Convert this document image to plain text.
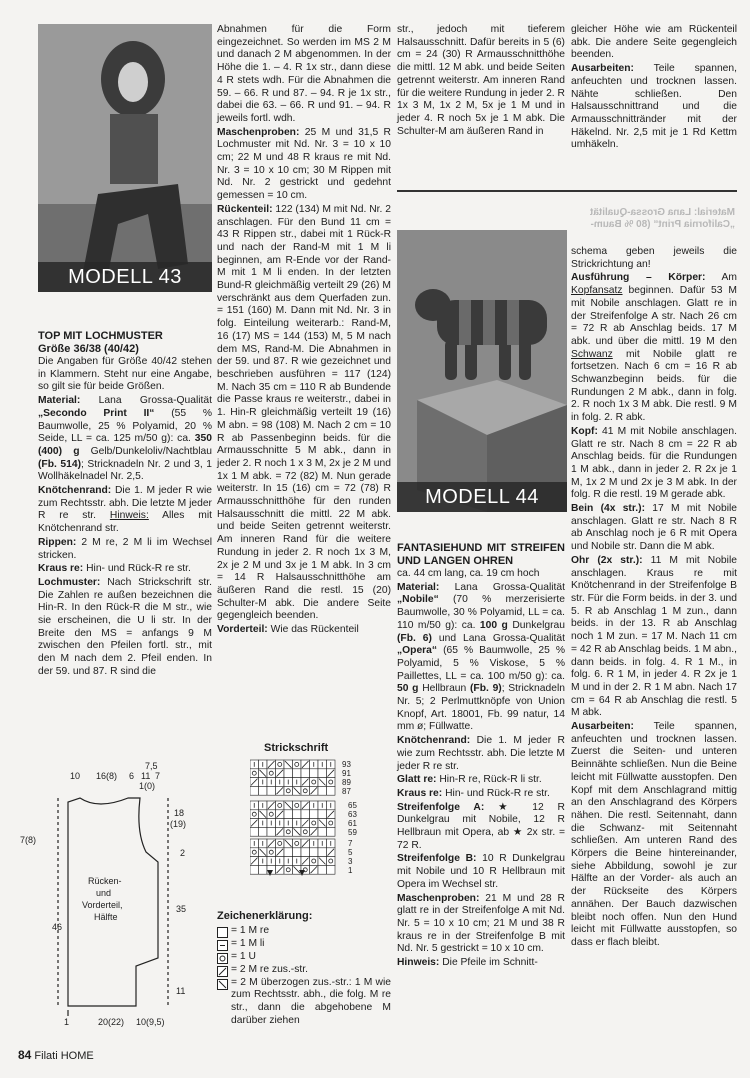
MODELL 43
TOP MIT LOCHMUSTER
Größe 36/38 (40/42)

Die Angaben für Größe 40/42 stehen in Klammern. Steht nur eine Angabe, so gilt sie für beide Größen.

Material: Lana Grossa-Qualität „Secondo Print II“ (55 % Baumwolle, 25 % Polyamid, 20 % Seide, LL = ca. 125 m/50 g): ca. 350 (400) g Gelb/Dunkeloliv/Nachtblau (Fb. 514); Stricknadeln Nr. 2 und 3, 1 Wollhäkelnadel Nr. 2,5.

Knötchenrand: Die 1. M jeder R wie zum Rechtsstr. abh. Die letzte M jeder R re str. Hinweis: Alles mit Knötchenrand str.

Rippen: 2 M re, 2 M li im Wechsel stricken.

Kraus re: Hin- und Rück-R re str.

Lochmuster: Nach Strickschrift str. Die Zahlen re außen bezeichnen die Hin-R. In den Rück-R die M str., wie sie erscheinen, die U li str. In der Breite den MS = anfangs 9 M zwischen den Pfeilen fortl. str., mit den M nach dem 2. Pfeil enden. In der 59. und 87. R sind die

7,5
10 16(8) 6 11 7
1(0)
7(8)
46
18
(19)
2
35
11
Rücken-
und
Vorderteil,
Hälfte
1	20(22) 10(9,5)

Abnahmen für die Form eingezeichnet. So werden im MS 2 M und danach 2 M abgenommen. In der Höhe die 1. – 4. R 1x str., dann diese 4 R stets wdh. Für die Abnahmen die 59. – 66. R und 87. – 94. R je 1x str., dabei die 63. – 66. R und 91. – 94. R jeweils fortl. wdh.

Maschenproben: 25 M und 31,5 R Lochmuster mit Nd. Nr. 3 = 10 x 10 cm; 22 M und 48 R kraus re mit Nd. Nr. 3 = 10 x 10 cm; 30 M Rippen mit Nd. Nr. 2 gestrickt und gedehnt gemessen = 10 cm.

Rückenteil: 122 (134) M mit Nd. Nr. 2 anschlagen. Für den Bund 11 cm = 43 R Rippen str., dabei mit 1 Rück-R und nach der Rand-M mit 1 M li beginnen, am R-Ende vor der Rand-M mit 1 M li enden. In der letzten Bund-R gleichmäßig verteilt 29 (26) M verschränkt aus dem Querfaden zun. = 151 (160) M. Dann mit Nd. Nr. 3 in folg. Einteilung weiterarb.: Rand-M, 16 (17) MS = 144 (153) M, 5 M nach dem MS, Rand-M. Die Abnahmen in der 59. und 87. R wie gezeichnet und beschrieben ausführen = 117 (124) M. Nach 35 cm = 110 R ab Bundende die Passe kraus re weiterstr., dabei in 1. Hin-R gleichmäßig verteilt 19 (16) M abn. = 98 (108) M. Nach 2 cm = 10 R ab Passenbeginn beids. für die Armausschnitte 5 M abk., dann in jeder 2. R noch 1 x 3 M, 2x je 2 M und 1x 1 M abk. = 72 (82) M. Nun gerade weiterstr. In 15 (16) cm = 72 (78) R Armausschnitthöhe für den runden Halsausschnitt die mittl. 22 M abk. und beide Seiten getrennt weiterstr. Am inneren Rand für die weitere Rundung in jeder 2. R noch 1x 3 M, 2x je 2 M und 3x je 1 M abk. In 3 cm = 14 R Halsausschnitthöhe am äußeren Rand die restl. 15 (20) Schulter-M abk. Die andere Seite gegengleich beenden.

Vorderteil: Wie das Rückenteil

Strickschrift
93
91
89
87
65
63
61
59
7
5
3
1
Zeichenerklärung:
= 1 M re
= 1 M li
= 1 U
= 2 M re zus.-str.
= 2 M überzogen zus.-str.: 1 M wie zum Rechtsstr. abh., die folg. M re str., dann die abgehobene M darüber ziehen

str., jedoch mit tieferem Halsausschnitt. Dafür bereits in 5 (6) cm = 24 (30) R Armausschnitthöhe die mittl. 12 M abk. und beide Seiten getrennt weiterstr. Am inneren Rand für die weitere Rundung in jeder 2. R 1x 3 M, 1x 2 M, 5x je 1 M und in jeder 4. R noch 5x je 1 M abk. Die Schulter-M am äußeren Rand in

gleicher Höhe wie am Rückenteil abk. Die andere Seite gegengleich beenden.

Ausarbeiten: Teile spannen, anfeuchten und trocknen lassen. Nähte schließen. Den Halsausschnittrand und die Armausschnittränder mit der Häkelnd. Nr. 2,5 mit je 1 Rd Kettm umhäkeln.

Material: Lana Grossa-Qualität
„California Print“ (80 % Baum-
MODELL 44
FANTASIEHUND MIT STREIFEN UND LANGEN OHREN

ca. 44 cm lang, ca. 19 cm hoch

Material: Lana Grossa-Qualität „Nobile“ (70 % merzerisierte Baumwolle, 30 % Polyamid, LL = ca. 110 m/50 g): ca. 100 g Dunkelgrau (Fb. 6) und Lana Grossa-Qualität „Opera“ (65 % Baumwolle, 25 % Polyamid, 5 % Viskose, 5 % Paillettes, LL = ca. 100 m/50 g): ca. 50 g Hellbraun (Fb. 9); Stricknadeln Nr. 5; 2 Perlmuttknöpfe von Union Knopf, Art. 18001, Fb. 99 natur, 14 mm ø; Füllwatte.

Knötchenrand: Die 1. M jeder R wie zum Rechtsstr. abh. Die letzte M jeder R re str.

Glatt re: Hin-R re, Rück-R li str.

Kraus re: Hin- und Rück-R re str.

Streifenfolge A: ★ 12 R Dunkelgrau mit Nobile, 12 R Hellbraun mit Opera, ab ★ 2x str. = 72 R.

Streifenfolge B: 10 R Dunkelgrau mit Nobile und 10 R Hellbraun mit Opera im Wechsel str.

Maschenproben: 21 M und 28 R glatt re in der Streifenfolge A mit Nd. Nr. 5 = 10 x 10 cm; 21 M und 38 R kraus re in der Streifenfolge B mit Nd. Nr. 5 gestrickt = 10 x 10 cm.

Hinweis: Die Pfeile im Schnitt-

schema geben jeweils die Strickrichtung an!

Ausführung – Körper: Am Kopfansatz beginnen. Dafür 53 M mit Nobile anschlagen. Glatt re in der Streifenfolge A str. Nach 26 cm = 72 R ab Anschlag beids. 17 M abk. und über die mittl. 19 M den Schwanz mit Nobile glatt re fortsetzen. Nach 6 cm = 16 R ab Schwanzbeginn beids. für die Rundungen 2 M abk., dann in folg. 2. R noch 1x 3 M abk. Die restl. 9 M in folg. 2. R abk.

Kopf: 41 M mit Nobile anschlagen. Glatt re str. Nach 8 cm = 22 R ab Anschlag beids. für die Rundungen 1 M abk., dann in jeder 2. R 2x je 1 M, 1x 2 M und 2x je 3 M abk. In der folg. R die restl. 19 M gerade abk.

Bein (4x str.): 17 M mit Nobile anschlagen. Glatt re str. Nach 8 R ab Anschlag noch je 6 R mit Opera und Nobile str. Dann die M abk.

Ohr (2x str.): 11 M mit Nobile anschlagen. Kraus re mit Knötchenrand in der Streifenfolge B str. Für die Form beids. in der 3. und 5. R ab Anschlag 1 M zun., dann beids. in der 13. R ab Anschlag noch 1 M zun. = 17 M. Nach 11 cm = 42 R ab Anschlag beids. 1 M abn., dann beids. in folg. 4. R 1 M., in folg. 6. R 1 M, in jeder 4. R 2x je 1 M und in der 2. R 1 M abn. Nach 17 cm = 64 R ab Anschlag die restl. 5 M abk.

Ausarbeiten: Teile spannen, anfeuchten und trocknen lassen. Zuerst die Seiten- und unteren Beinnähte schließen. Nun die Beine leicht mit Füllwatte ausstopfen. Den Kopf mit dem Anschlagrand mittig an den Anschlagrand des Körpers nähen. Die restl. Seitennaht, dann die Schwanz- mit Seitennaht schließen. Am unteren Rand des Körpers die Beine hintereinander, siehe Abbildung, sowohl je zur Hälfte an der Vorder- als auch an der Rückseite des Körpers annähen. Der Bauch dazwischen bleibt noch offen. Nun den Hund leicht mit Füllwatte ausstopfen, so dass er flach bleibt.

84 Filati HOME
